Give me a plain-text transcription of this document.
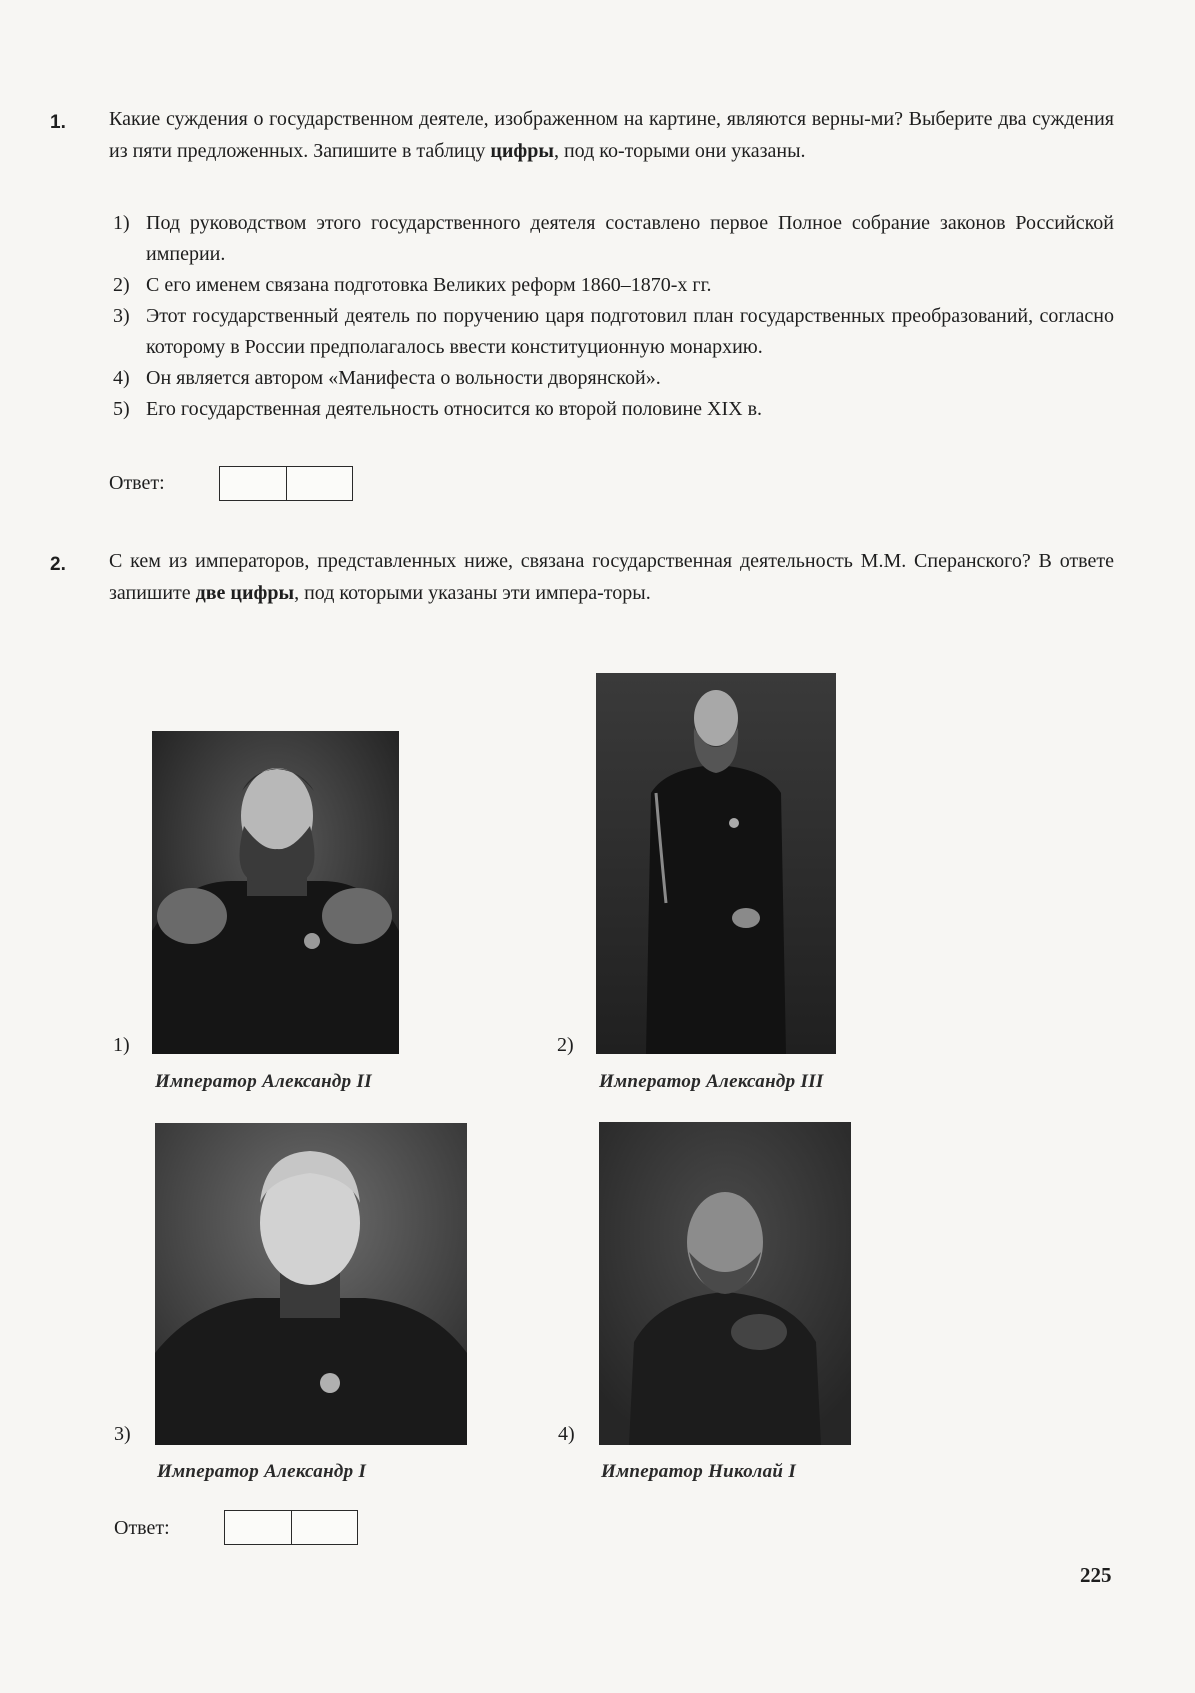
1. Какие суждения о государственном деятеле, изображенном на картине, являются верны-ми? Выберите два суждения из пяти предложенных. Запишите в таблицу цифры, под ко-торыми они указаны.

1) Под руководством этого государственного деятеля составлено первое Полное собрание законов Российской империи.
2) С его именем связана подготовка Великих реформ 1860–1870-х гг.
3) Этот государственный деятель по поручению царя подготовил план государственных преобразований, согласно которому в России предполагалось ввести конституционную монархию.
4) Он является автором «Манифеста о вольности дворянской».
5) Его государственная деятельность относится ко второй половине XIX в.
Ответ:
2. С кем из императоров, представленных ниже, связана государственная деятельность М.М. Сперанского? В ответе запишите две цифры, под которыми указаны эти импера-торы.

1)
Император Александр II
2)
Император Александр III
3)
Император Александр I
4)
Император Николай I
Ответ:
225
